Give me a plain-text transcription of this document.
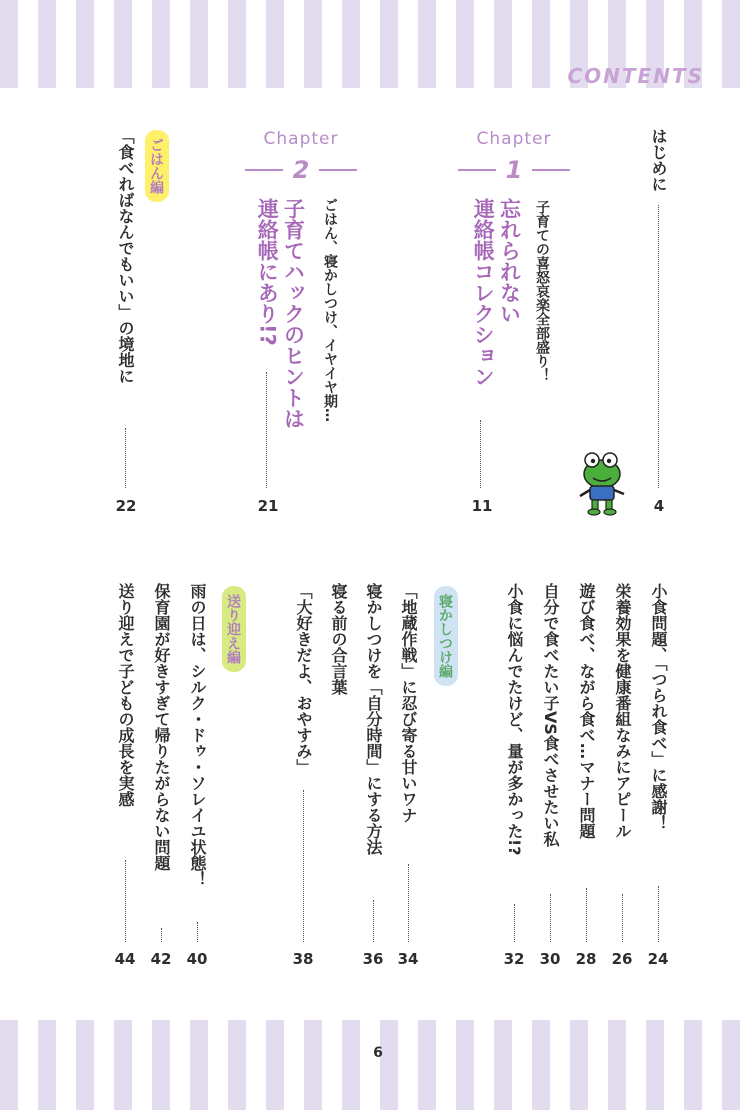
CONTENTS
はじめに
4
Chapter
1
子育ての喜怒哀楽全部盛り！
忘れられない
連絡帳コレクション
11
Chapter
2
ごはん、寝かしつけ、イヤイヤ期…
子育てハックのヒントは
連絡帳にあり!?
21
ごはん編
「食べればなんでもいい」の境地に
22
小食問題、「つられ食べ」に感謝！
24
栄養効果を健康番組なみにアピール
26
遊び食べ、ながら食べ…マナー問題
28
自分で食べたい子VS食べさせたい私
30
小食に悩んでたけど、量が多かった!?
32
寝かしつけ編
「地蔵作戦」に忍び寄る甘いワナ
34
寝かしつけを「自分時間」にする方法
36
寝る前の合言葉
「大好きだよ、おやすみ」
38
送り迎え編
雨の日は、シルク・ドゥ・ソレイユ状態！
40
保育園が好きすぎて帰りたがらない問題
42
送り迎えで子どもの成長を実感
44
6
